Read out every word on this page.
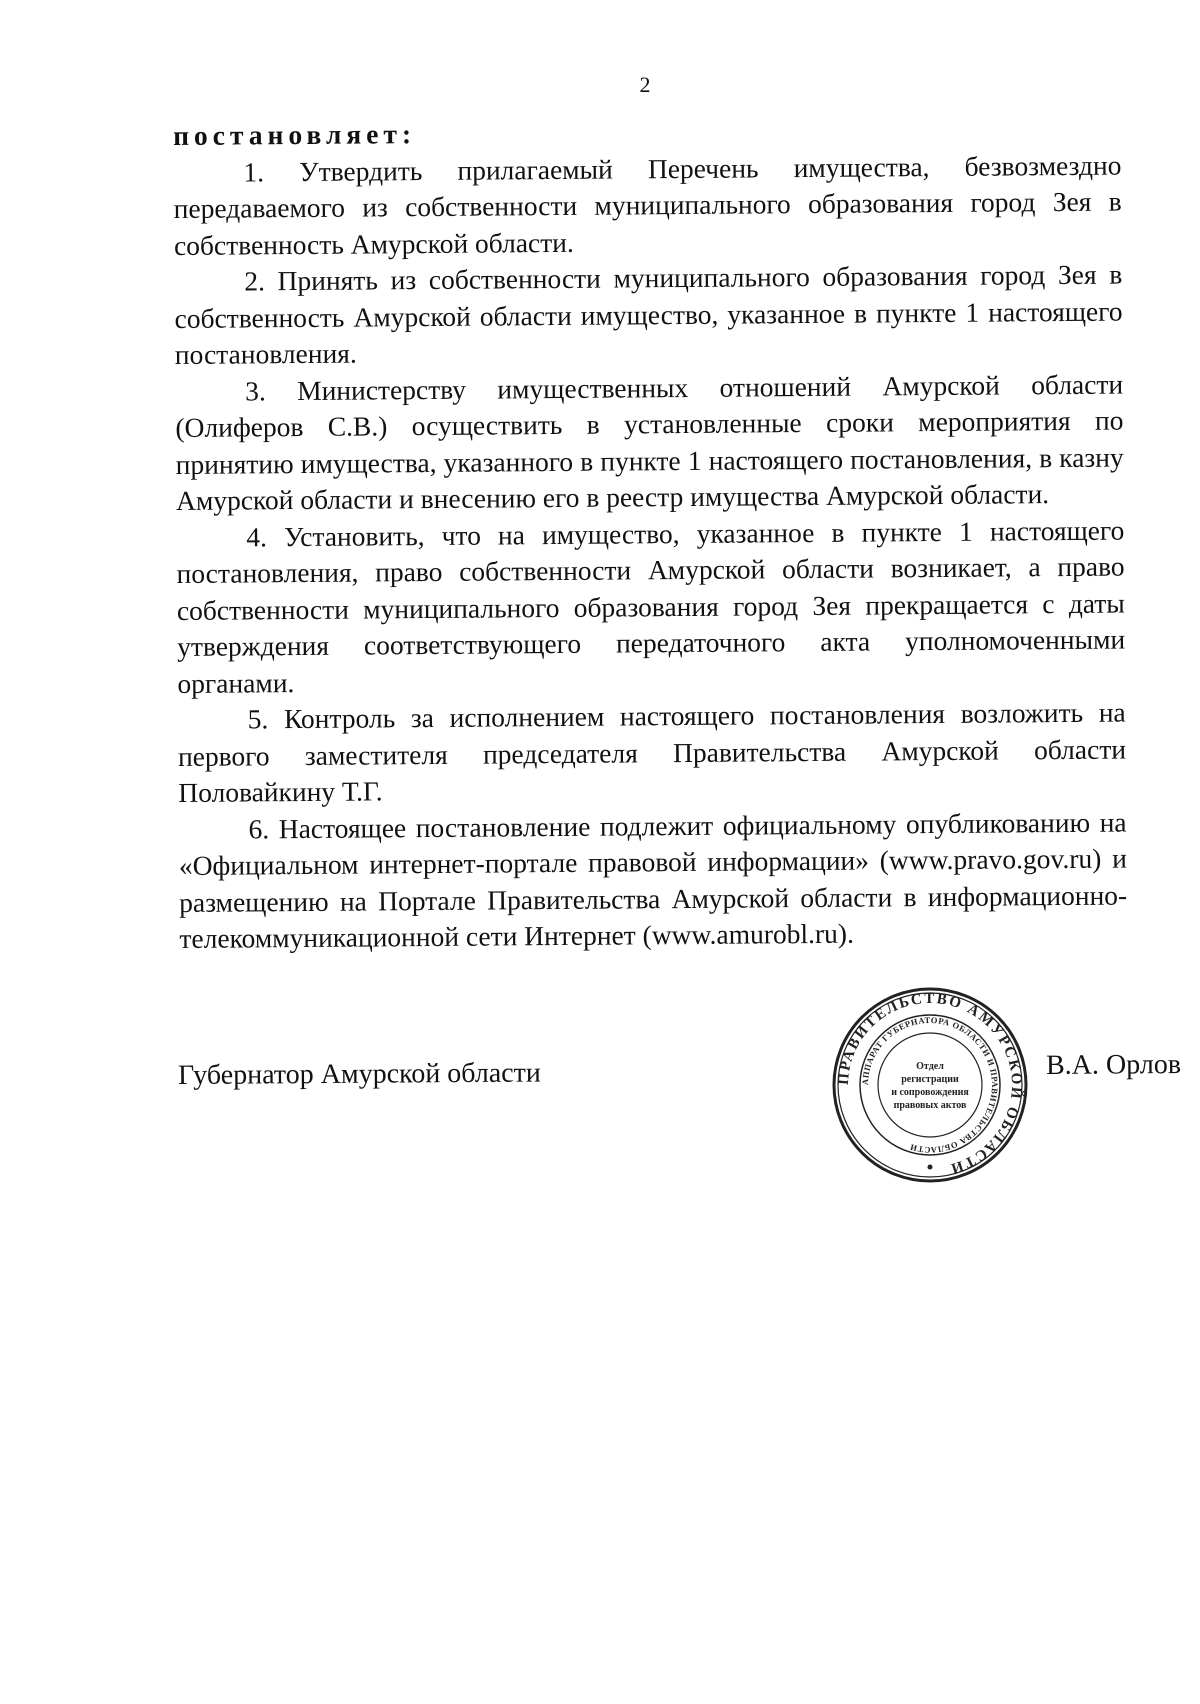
2

постановляет:

1. Утвердить прилагаемый Перечень имущества, безвозмездно передаваемого из собственности муниципального образования город Зея в собственность Амурской области.

2. Принять из собственности муниципального образования город Зея в собственность Амурской области имущество, указанное в пункте 1 настоящего постановления.

3. Министерству имущественных отношений Амурской области (Олиферов С.В.) осуществить в установленные сроки мероприятия по принятию имущества, указанного в пункте 1 настоящего постановления, в казну Амурской области и внесению его в реестр имущества Амурской области.

4. Установить, что на имущество, указанное в пункте 1 настоящего постановления, право собственности Амурской области возникает, а право собственности муниципального образования город Зея прекращается с даты утверждения соответствующего передаточного акта уполномоченными органами.

5. Контроль за исполнением настоящего постановления возложить на первого заместителя председателя Правительства Амурской области Половайкину Т.Г.

6. Настоящее постановление подлежит официальному опубликованию на «Официальном интернет-портале правовой информации» (www.pravo.gov.ru) и размещению на Портале Правительства Амурской области в информационно-телекоммуникационной сети Интернет (www.amurobl.ru).

Губернатор Амурской области	В.А. Орлов
ПРАВИТЕЛЬСТВО АМУРСКОЙ ОБЛАСТИ
АППАРАТ ГУБЕРНАТОРА ОБЛАСТИ И ПРАВИТЕЛЬСТВА ОБЛАСТИ
Отдел
регистрации
и сопровождения
правовых актов
